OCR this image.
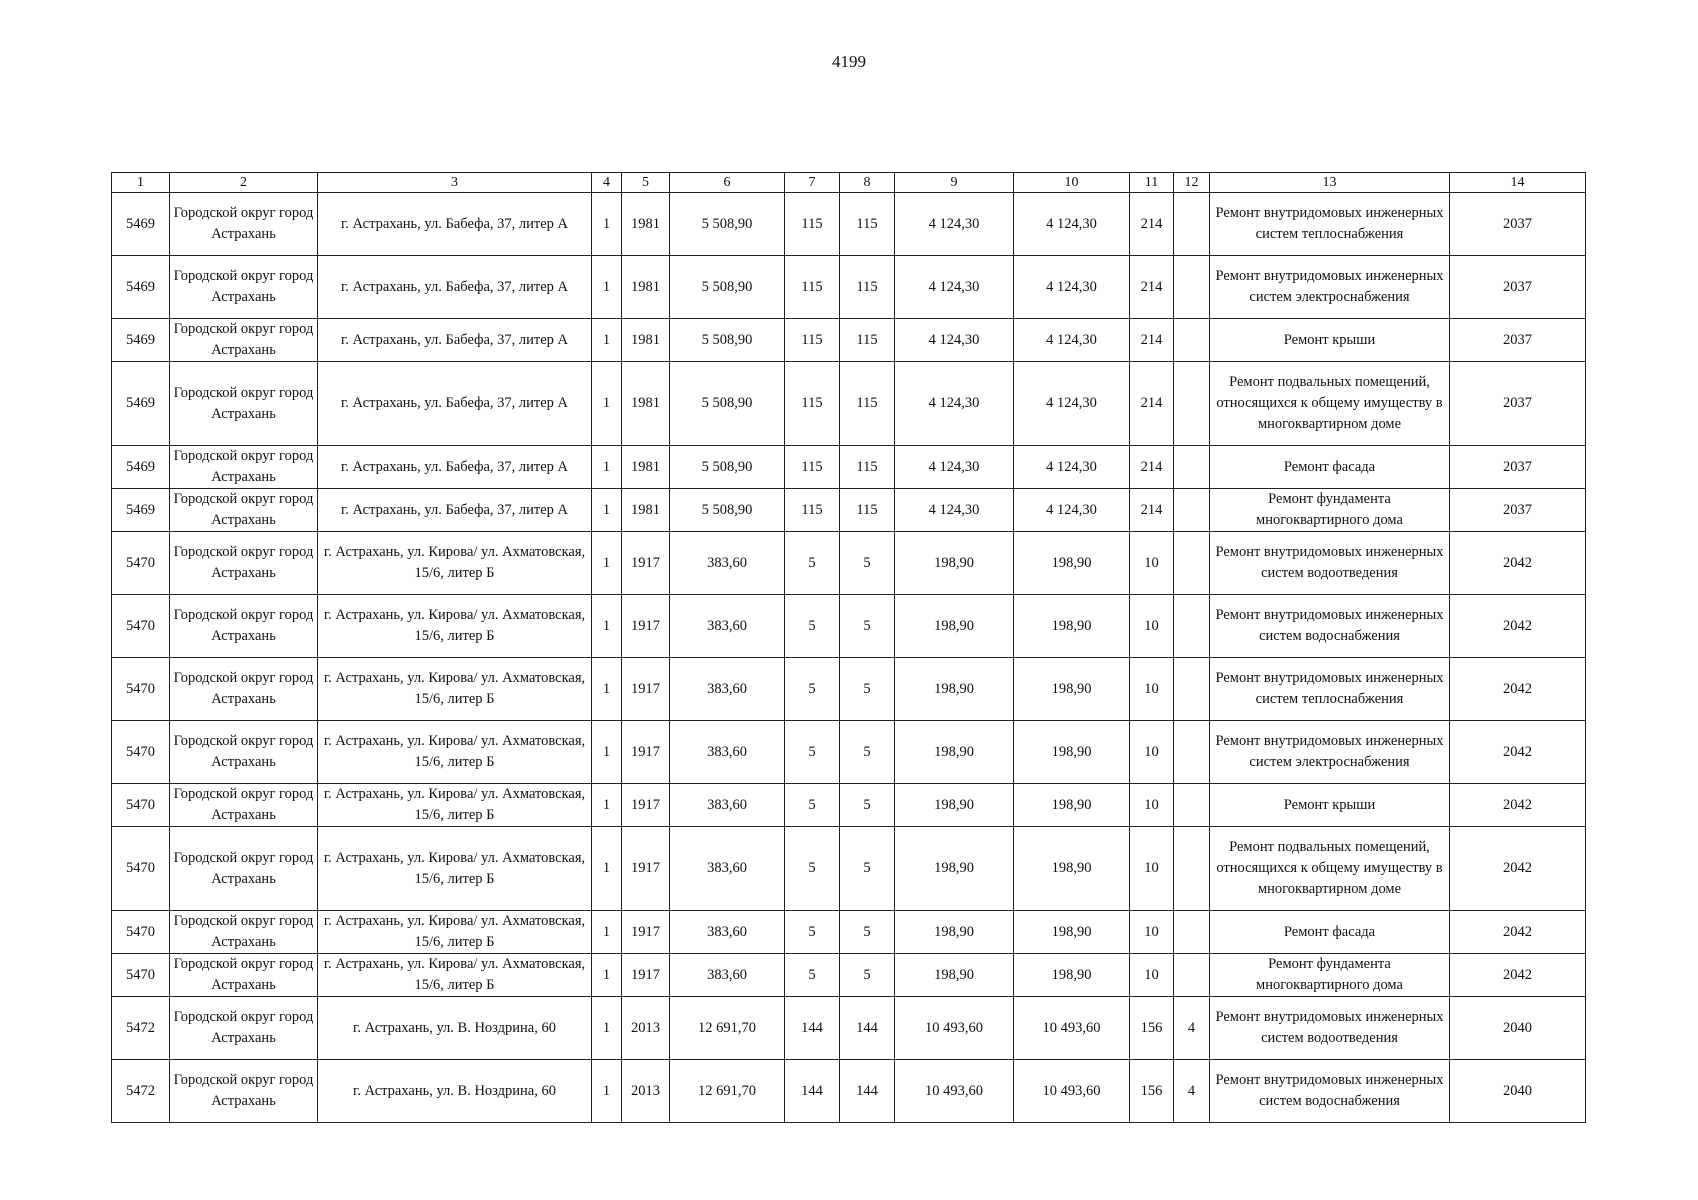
4199
1	2	3	4	5	6	7	8	9	10	11	12	13	14
5469	Городской округ город Астрахань	г. Астрахань, ул. Бабефа, 37, литер А	1	1981	5 508,90	115	115	4 124,30	4 124,30	214		Ремонт внутридомовых инженерных систем теплоснабжения	2037
5469	Городской округ город Астрахань	г. Астрахань, ул. Бабефа, 37, литер А	1	1981	5 508,90	115	115	4 124,30	4 124,30	214		Ремонт внутридомовых инженерных систем электроснабжения	2037
5469	Городской округ город Астрахань	г. Астрахань, ул. Бабефа, 37, литер А	1	1981	5 508,90	115	115	4 124,30	4 124,30	214		Ремонт крыши	2037
5469	Городской округ город Астрахань	г. Астрахань, ул. Бабефа, 37, литер А	1	1981	5 508,90	115	115	4 124,30	4 124,30	214		Ремонт подвальных помещений, относящихся к общему имуществу в многоквартирном доме	2037
5469	Городской округ город Астрахань	г. Астрахань, ул. Бабефа, 37, литер А	1	1981	5 508,90	115	115	4 124,30	4 124,30	214		Ремонт фасада	2037
5469	Городской округ город Астрахань	г. Астрахань, ул. Бабефа, 37, литер А	1	1981	5 508,90	115	115	4 124,30	4 124,30	214		Ремонт фундамента многоквартирного дома	2037
5470	Городской округ город Астрахань	г. Астрахань, ул. Кирова/ ул. Ахматовская, 15/6, литер Б	1	1917	383,60	5	5	198,90	198,90	10		Ремонт внутридомовых инженерных систем водоотведения	2042
5470	Городской округ город Астрахань	г. Астрахань, ул. Кирова/ ул. Ахматовская, 15/6, литер Б	1	1917	383,60	5	5	198,90	198,90	10		Ремонт внутридомовых инженерных систем водоснабжения	2042
5470	Городской округ город Астрахань	г. Астрахань, ул. Кирова/ ул. Ахматовская, 15/6, литер Б	1	1917	383,60	5	5	198,90	198,90	10		Ремонт внутридомовых инженерных систем теплоснабжения	2042
5470	Городской округ город Астрахань	г. Астрахань, ул. Кирова/ ул. Ахматовская, 15/6, литер Б	1	1917	383,60	5	5	198,90	198,90	10		Ремонт внутридомовых инженерных систем электроснабжения	2042
5470	Городской округ город Астрахань	г. Астрахань, ул. Кирова/ ул. Ахматовская, 15/6, литер Б	1	1917	383,60	5	5	198,90	198,90	10		Ремонт крыши	2042
5470	Городской округ город Астрахань	г. Астрахань, ул. Кирова/ ул. Ахматовская, 15/6, литер Б	1	1917	383,60	5	5	198,90	198,90	10		Ремонт подвальных помещений, относящихся к общему имуществу в многоквартирном доме	2042
5470	Городской округ город Астрахань	г. Астрахань, ул. Кирова/ ул. Ахматовская, 15/6, литер Б	1	1917	383,60	5	5	198,90	198,90	10		Ремонт фасада	2042
5470	Городской округ город Астрахань	г. Астрахань, ул. Кирова/ ул. Ахматовская, 15/6, литер Б	1	1917	383,60	5	5	198,90	198,90	10		Ремонт фундамента многоквартирного дома	2042
5472	Городской округ город Астрахань	г. Астрахань, ул. В. Ноздрина, 60	1	2013	12 691,70	144	144	10 493,60	10 493,60	156	4	Ремонт внутридомовых инженерных систем водоотведения	2040
5472	Городской округ город Астрахань	г. Астрахань, ул. В. Ноздрина, 60	1	2013	12 691,70	144	144	10 493,60	10 493,60	156	4	Ремонт внутридомовых инженерных систем водоснабжения	2040
